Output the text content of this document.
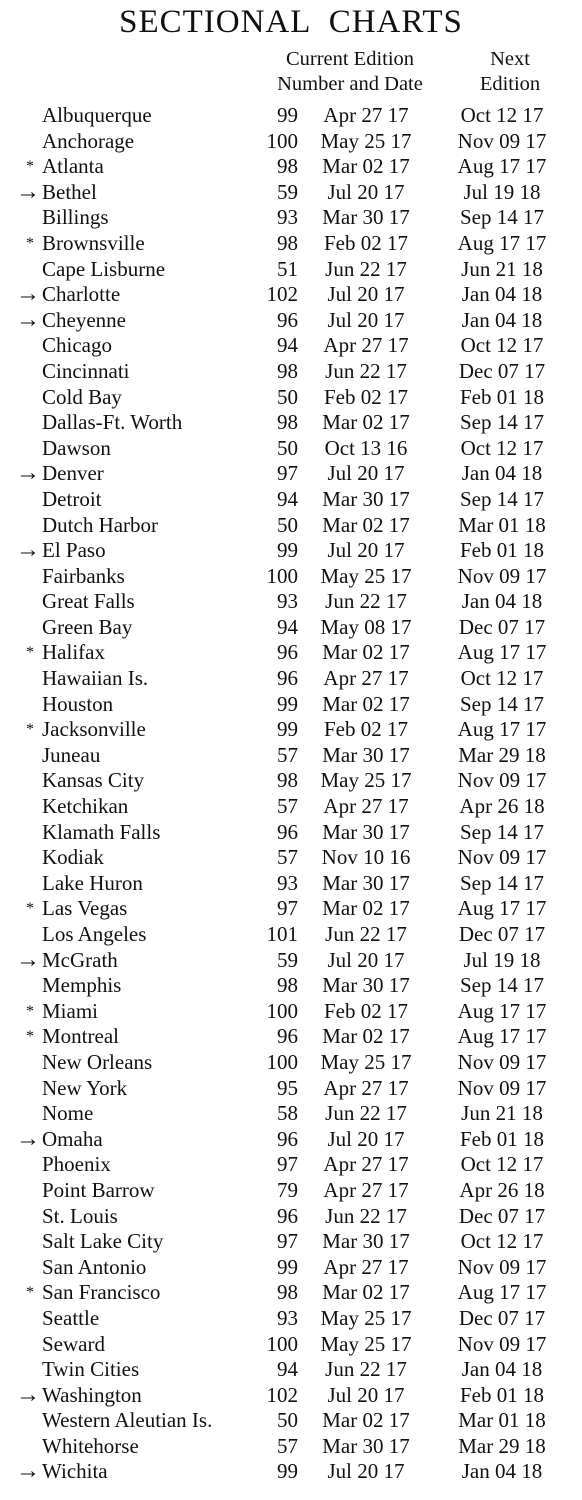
SECTIONAL  CHARTS
Current Edition
Number and Date
Next
Edition
Albuquerque	99	Apr 27 17	Oct 12 17
Anchorage	100	May 25 17	Nov 09 17
* Atlanta	98	Mar 02 17	Aug 17 17
→ Bethel	59	Jul 20 17	Jul 19 18
Billings	93	Mar 30 17	Sep 14 17
* Brownsville	98	Feb 02 17	Aug 17 17
Cape Lisburne	51	Jun 22 17	Jun 21 18
→ Charlotte	102	Jul 20 17	Jan 04 18
→ Cheyenne	96	Jul 20 17	Jan 04 18
Chicago	94	Apr 27 17	Oct 12 17
Cincinnati	98	Jun 22 17	Dec 07 17
Cold Bay	50	Feb 02 17	Feb 01 18
Dallas-Ft. Worth	98	Mar 02 17	Sep 14 17
Dawson	50	Oct 13 16	Oct 12 17
→ Denver	97	Jul 20 17	Jan 04 18
Detroit	94	Mar 30 17	Sep 14 17
Dutch Harbor	50	Mar 02 17	Mar 01 18
→ El Paso	99	Jul 20 17	Feb 01 18
Fairbanks	100	May 25 17	Nov 09 17
Great Falls	93	Jun 22 17	Jan 04 18
Green Bay	94	May 08 17	Dec 07 17
* Halifax	96	Mar 02 17	Aug 17 17
Hawaiian Is.	96	Apr 27 17	Oct 12 17
Houston	99	Mar 02 17	Sep 14 17
* Jacksonville	99	Feb 02 17	Aug 17 17
Juneau	57	Mar 30 17	Mar 29 18
Kansas City	98	May 25 17	Nov 09 17
Ketchikan	57	Apr 27 17	Apr 26 18
Klamath Falls	96	Mar 30 17	Sep 14 17
Kodiak	57	Nov 10 16	Nov 09 17
Lake Huron	93	Mar 30 17	Sep 14 17
* Las Vegas	97	Mar 02 17	Aug 17 17
Los Angeles	101	Jun 22 17	Dec 07 17
→ McGrath	59	Jul 20 17	Jul 19 18
Memphis	98	Mar 30 17	Sep 14 17
* Miami	100	Feb 02 17	Aug 17 17
* Montreal	96	Mar 02 17	Aug 17 17
New Orleans	100	May 25 17	Nov 09 17
New York	95	Apr 27 17	Nov 09 17
Nome	58	Jun 22 17	Jun 21 18
→ Omaha	96	Jul 20 17	Feb 01 18
Phoenix	97	Apr 27 17	Oct 12 17
Point Barrow	79	Apr 27 17	Apr 26 18
St. Louis	96	Jun 22 17	Dec 07 17
Salt Lake City	97	Mar 30 17	Oct 12 17
San Antonio	99	Apr 27 17	Nov 09 17
* San Francisco	98	Mar 02 17	Aug 17 17
Seattle	93	May 25 17	Dec 07 17
Seward	100	May 25 17	Nov 09 17
Twin Cities	94	Jun 22 17	Jan 04 18
→ Washington	102	Jul 20 17	Feb 01 18
Western Aleutian Is.	50	Mar 02 17	Mar 01 18
Whitehorse	57	Mar 30 17	Mar 29 18
→ Wichita	99	Jul 20 17	Jan 04 18
